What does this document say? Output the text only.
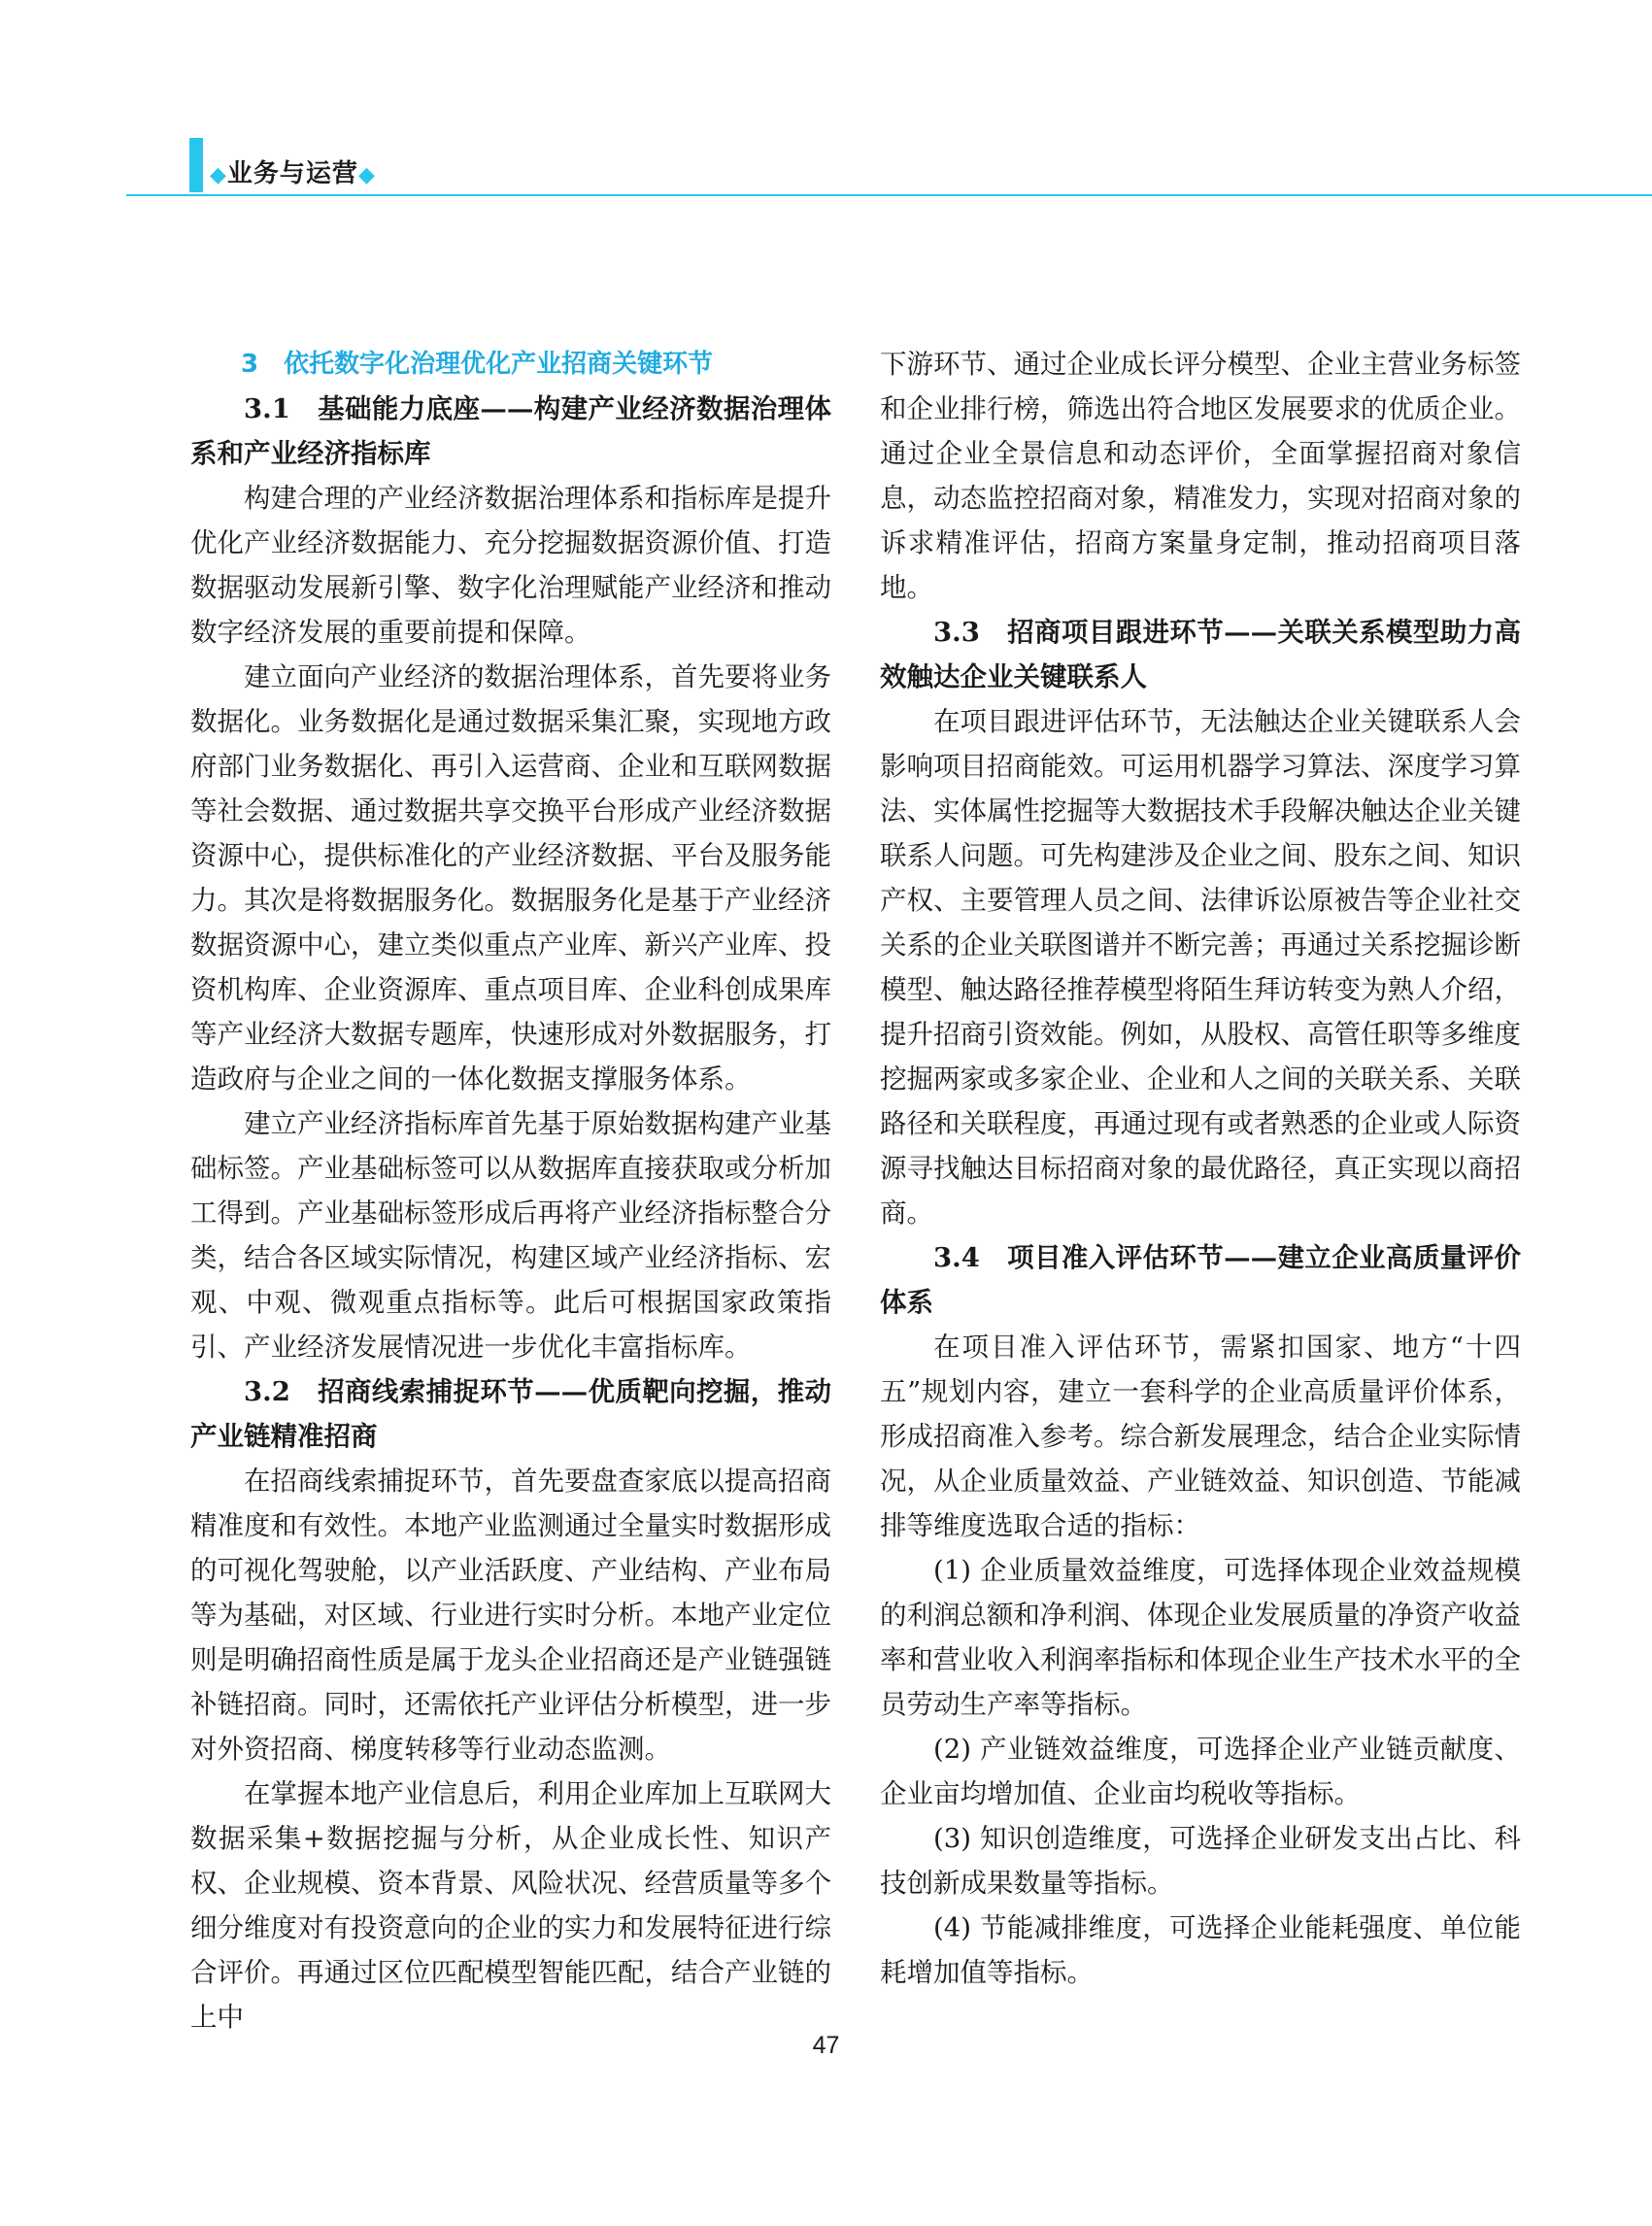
◆业务与运营◆

3　依托数字化治理优化产业招商关键环节

3.1　基础能力底座——构建产业经济数据治理体系和产业经济指标库

构建合理的产业经济数据治理体系和指标库是提升优化产业经济数据能力、充分挖掘数据资源价值、打造数据驱动发展新引擎、数字化治理赋能产业经济和推动数字经济发展的重要前提和保障。

建立面向产业经济的数据治理体系，首先要将业务数据化。业务数据化是通过数据采集汇聚，实现地方政府部门业务数据化、再引入运营商、企业和互联网数据等社会数据、通过数据共享交换平台形成产业经济数据资源中心，提供标准化的产业经济数据、平台及服务能力。其次是将数据服务化。数据服务化是基于产业经济数据资源中心，建立类似重点产业库、新兴产业库、投资机构库、企业资源库、重点项目库、企业科创成果库等产业经济大数据专题库，快速形成对外数据服务，打造政府与企业之间的一体化数据支撑服务体系。

建立产业经济指标库首先基于原始数据构建产业基础标签。产业基础标签可以从数据库直接获取或分析加工得到。产业基础标签形成后再将产业经济指标整合分类，结合各区域实际情况，构建区域产业经济指标、宏观、中观、微观重点指标等。此后可根据国家政策指引、产业经济发展情况进一步优化丰富指标库。

3.2　招商线索捕捉环节——优质靶向挖掘，推动产业链精准招商

在招商线索捕捉环节，首先要盘查家底以提高招商精准度和有效性。本地产业监测通过全量实时数据形成的可视化驾驶舱，以产业活跃度、产业结构、产业布局等为基础，对区域、行业进行实时分析。本地产业定位则是明确招商性质是属于龙头企业招商还是产业链强链补链招商。同时，还需依托产业评估分析模型，进一步对外资招商、梯度转移等行业动态监测。

在掌握本地产业信息后，利用企业库加上互联网大数据采集+数据挖掘与分析，从企业成长性、知识产权、企业规模、资本背景、风险状况、经营质量等多个细分维度对有投资意向的企业的实力和发展特征进行综合评价。再通过区位匹配模型智能匹配，结合产业链的上中

下游环节、通过企业成长评分模型、企业主营业务标签和企业排行榜，筛选出符合地区发展要求的优质企业。通过企业全景信息和动态评价，全面掌握招商对象信息，动态监控招商对象，精准发力，实现对招商对象的诉求精准评估，招商方案量身定制，推动招商项目落地。

3.3　招商项目跟进环节——关联关系模型助力高效触达企业关键联系人

在项目跟进评估环节，无法触达企业关键联系人会影响项目招商能效。可运用机器学习算法、深度学习算法、实体属性挖掘等大数据技术手段解决触达企业关键联系人问题。可先构建涉及企业之间、股东之间、知识产权、主要管理人员之间、法律诉讼原被告等企业社交关系的企业关联图谱并不断完善；再通过关系挖掘诊断模型、触达路径推荐模型将陌生拜访转变为熟人介绍，提升招商引资效能。例如，从股权、高管任职等多维度挖掘两家或多家企业、企业和人之间的关联关系、关联路径和关联程度，再通过现有或者熟悉的企业或人际资源寻找触达目标招商对象的最优路径，真正实现以商招商。

3.4　项目准入评估环节——建立企业高质量评价体系

在项目准入评估环节，需紧扣国家、地方“十四五”规划内容，建立一套科学的企业高质量评价体系，形成招商准入参考。综合新发展理念，结合企业实际情况，从企业质量效益、产业链效益、知识创造、节能减排等维度选取合适的指标：

(1) 企业质量效益维度，可选择体现企业效益规模的利润总额和净利润、体现企业发展质量的净资产收益率和营业收入利润率指标和体现企业生产技术水平的全员劳动生产率等指标。

(2) 产业链效益维度，可选择企业产业链贡献度、企业亩均增加值、企业亩均税收等指标。

(3) 知识创造维度，可选择企业研发支出占比、科技创新成果数量等指标。

(4) 节能减排维度，可选择企业能耗强度、单位能耗增加值等指标。

47
